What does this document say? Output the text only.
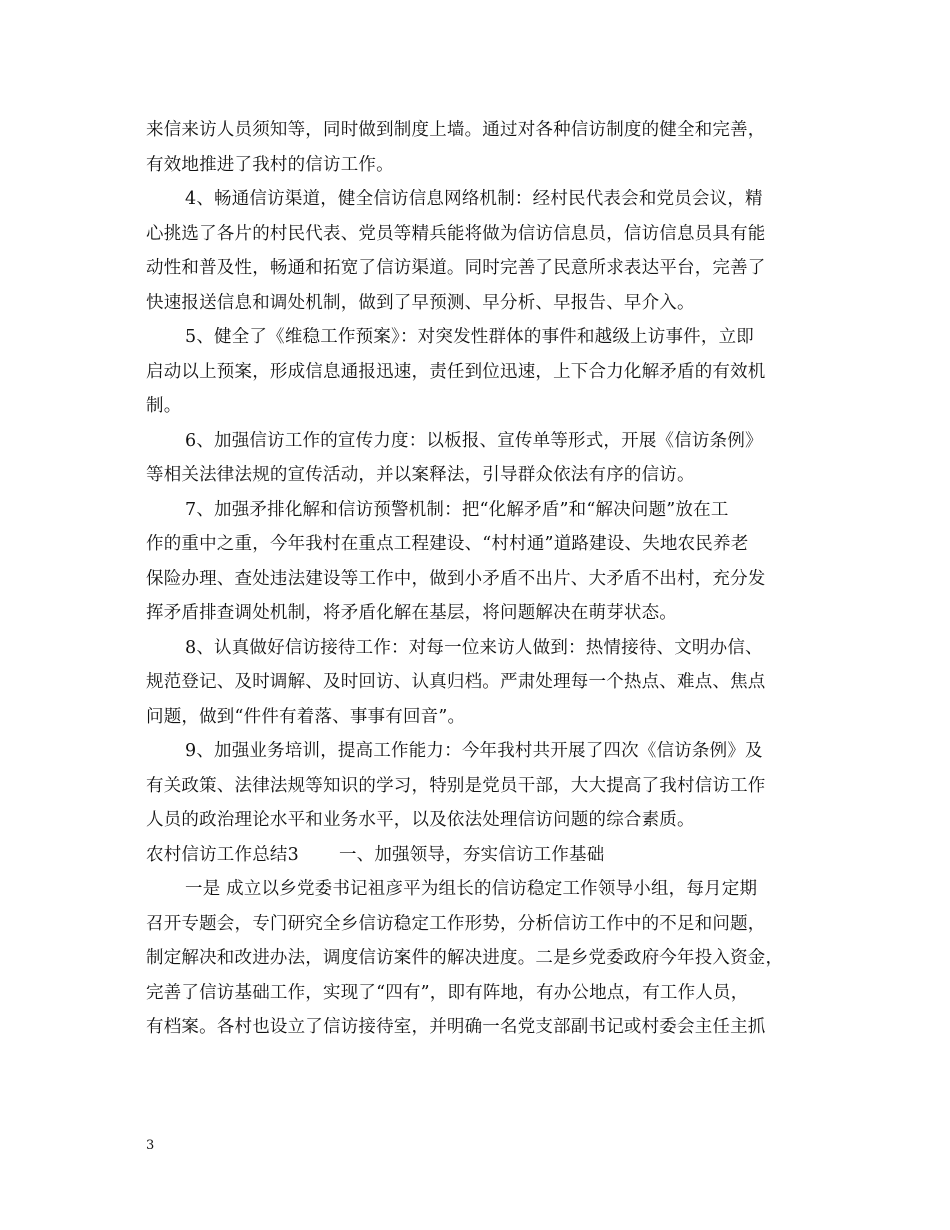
来信来访人员须知等，同时做到制度上墙。通过对各种信访制度的健全和完善，
有效地推进了我村的信访工作。
4、畅通信访渠道，健全信访信息网络机制：经村民代表会和党员会议，精
心挑选了各片的村民代表、党员等精兵能将做为信访信息员，信访信息员具有能
动性和普及性，畅通和拓宽了信访渠道。同时完善了民意所求表达平台，完善了
快速报送信息和调处机制，做到了早预测、早分析、早报告、早介入。
5、健全了《维稳工作预案》：对突发性群体的事件和越级上访事件，立即
启动以上预案，形成信息通报迅速，责任到位迅速，上下合力化解矛盾的有效机
制。
6、加强信访工作的宣传力度：以板报、宣传单等形式，开展《信访条例》
等相关法律法规的宣传活动，并以案释法，引导群众依法有序的信访。
7、加强矛排化解和信访预警机制：把“化解矛盾”和“解决问题”放在工
作的重中之重，今年我村在重点工程建设、“村村通”道路建设、失地农民养老
保险办理、查处违法建设等工作中，做到小矛盾不出片、大矛盾不出村，充分发
挥矛盾排查调处机制，将矛盾化解在基层，将问题解决在萌芽状态。
8、认真做好信访接待工作：对每一位来访人做到：热情接待、文明办信、
规范登记、及时调解、及时回访、认真归档。严肃处理每一个热点、难点、焦点
问题，做到“件件有着落、事事有回音”。
9、加强业务培训，提高工作能力：今年我村共开展了四次《信访条例》及
有关政策、法律法规等知识的学习，特别是党员干部，大大提高了我村信访工作
人员的政治理论水平和业务水平，以及依法处理信访问题的综合素质。
农村信访工作总结3 一、加强领导，夯实信访工作基础
一是 成立以乡党委书记祖彦平为组长的信访稳定工作领导小组，每月定期
召开专题会，专门研究全乡信访稳定工作形势，分析信访工作中的不足和问题，
制定解决和改进办法，调度信访案件的解决进度。二是乡党委政府今年投入资金，
完善了信访基础工作，实现了“四有”，即有阵地，有办公地点，有工作人员，
有档案。各村也设立了信访接待室，并明确一名党支部副书记或村委会主任主抓
3
